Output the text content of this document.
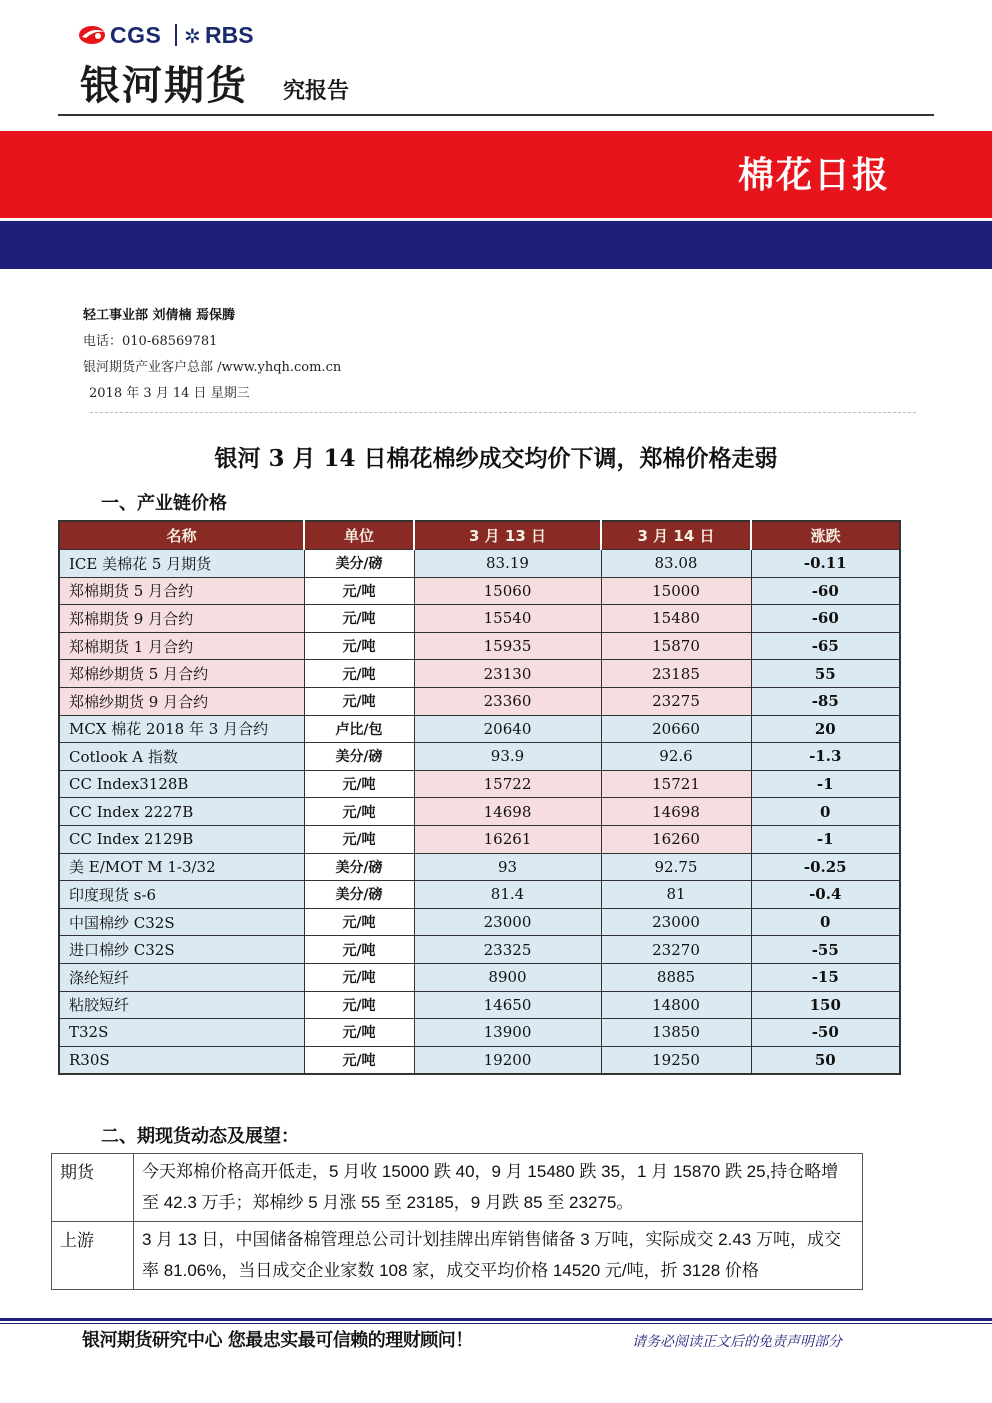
CGS ✲ RBS
银河期货 究报告
棉花日报
轻工事业部 刘倩楠 焉保腾
电话：010-68569781
银河期货产业客户总部 /www.yhqh.com.cn
2018 年 3 月 14 日 星期三
银河 3 月 14 日棉花棉纱成交均价下调，郑棉价格走弱
一、产业链价格
名称	单位	3 月 13 日	3 月 14 日	涨跌
ICE 美棉花 5 月期货	美分/磅	83.19	83.08	-0.11
郑棉期货 5 月合约	元/吨	15060	15000	-60
郑棉期货 9 月合约	元/吨	15540	15480	-60
郑棉期货 1 月合约	元/吨	15935	15870	-65
郑棉纱期货 5 月合约	元/吨	23130	23185	55
郑棉纱期货 9 月合约	元/吨	23360	23275	-85
MCX 棉花 2018 年 3 月合约	卢比/包	20640	20660	20
Cotlook A 指数	美分/磅	93.9	92.6	-1.3
CC Index3128B	元/吨	15722	15721	-1
CC Index 2227B	元/吨	14698	14698	0
CC Index 2129B	元/吨	16261	16260	-1
美 E/MOT M 1-3/32	美分/磅	93	92.75	-0.25
印度现货 s-6	美分/磅	81.4	81	-0.4
中国棉纱 C32S	元/吨	23000	23000	0
进口棉纱 C32S	元/吨	23325	23270	-55
涤纶短纤	元/吨	8900	8885	-15
粘胶短纤	元/吨	14650	14800	150
T32S	元/吨	13900	13850	-50
R30S	元/吨	19200	19250	50
二、期现货动态及展望：
期货	今天郑棉价格高开低走，5 月收 15000 跌 40，9 月 15480 跌 35，1 月 15870 跌 25,持仓略增至 42.3 万手；郑棉纱 5 月涨 55 至 23185，9 月跌 85 至 23275。
上游	3 月 13 日，中国储备棉管理总公司计划挂牌出库销售储备 3 万吨，实际成交 2.43 万吨，成交率 81.06%，当日成交企业家数 108 家，成交平均价格 14520 元/吨，折 3128 价格
银河期货研究中心 您最忠实最可信赖的理财顾问！	请务必阅读正文后的免责声明部分
